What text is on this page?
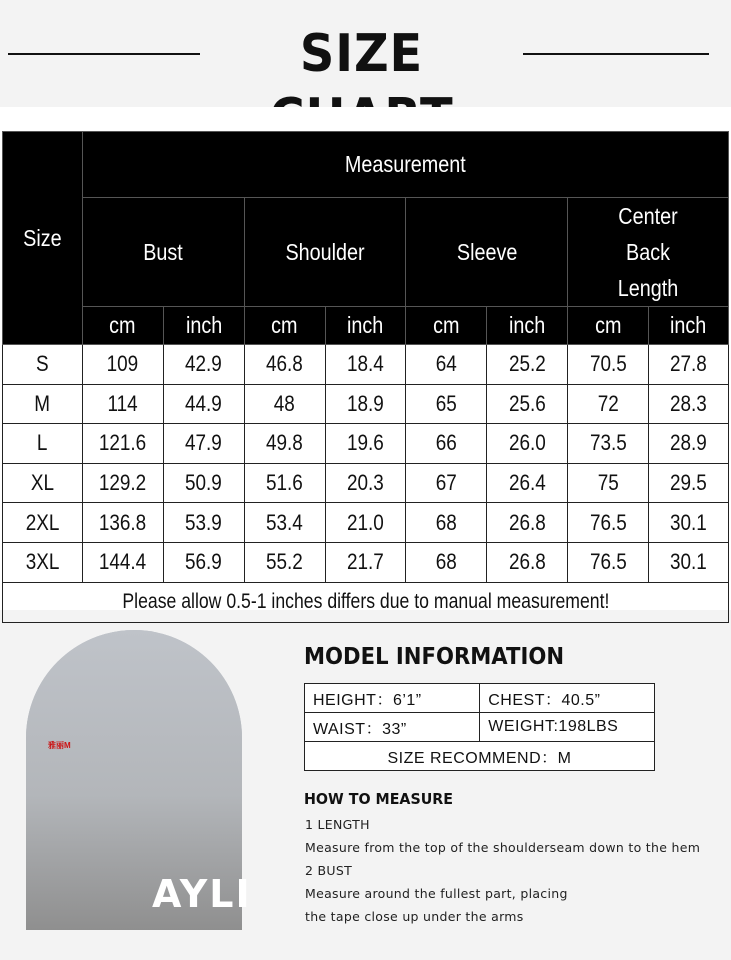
SIZE
Size	Measurement							
	Bust		Shoulder		Sleeve		Center Back Length	
	cm	inch	cm	inch	cm	inch	cm	inch
S	109	42.9	46.8	18.4	64	25.2	70.5	27.8
M	114	44.9	48	18.9	65	25.6	72	28.3
L	121.6	47.9	49.8	19.6	66	26.0	73.5	28.9
XL	129.2	50.9	51.6	20.3	67	26.4	75	29.5
2XL	136.8	53.9	53.4	21.0	68	26.8	76.5	30.1
3XL	144.4	56.9	55.2	21.7	68	26.8	76.5	30.1
Please allow 0.5-1 inches differs due to manual measurement!								
雅丽M
AYLI
MODEL INFORMATION
HEIGHT：6’1”	CHEST：40.5”
WAIST：33”	WEIGHT:198LBS
SIZE RECOMMEND：M	
HOW TO MEASURE
1 LENGTH
Measure from the top of the shoulderseam down to the hem
2 BUST
Measure around the fullest part, placing
the tape close up under the arms
